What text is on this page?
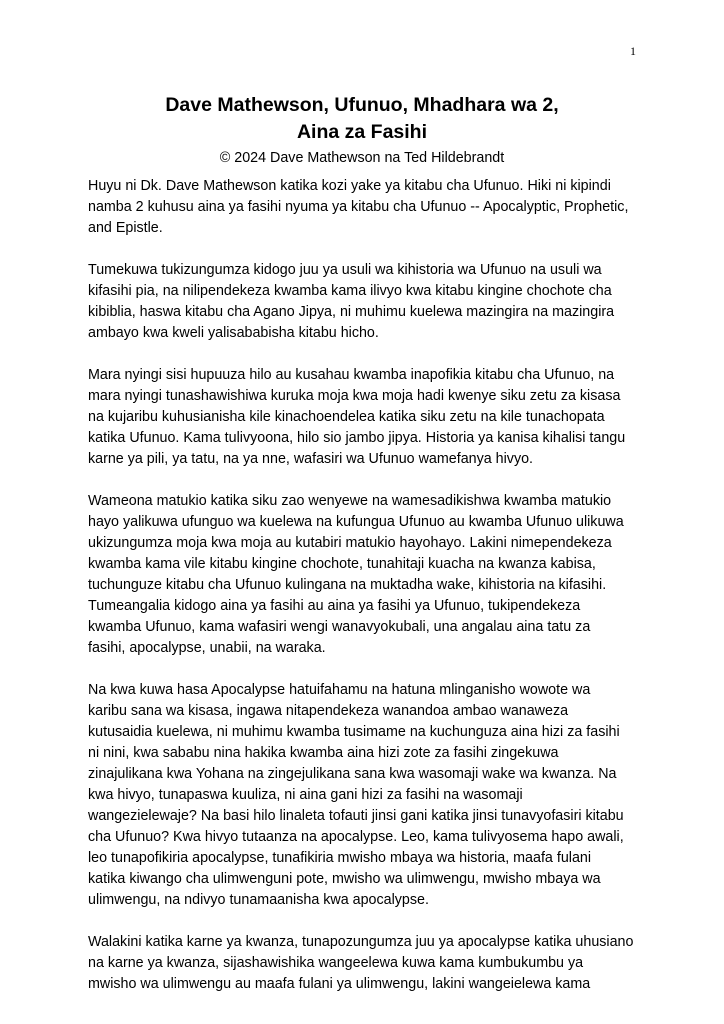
1
Dave Mathewson, Ufunuo, Mhadhara wa 2,
Aina za Fasihi
© 2024 Dave Mathewson na Ted Hildebrandt
Huyu ni Dk. Dave Mathewson katika kozi yake ya kitabu cha Ufunuo. Hiki ni kipindi
namba 2 kuhusu aina ya fasihi nyuma ya kitabu cha Ufunuo -- Apocalyptic, Prophetic,
and Epistle.
Tumekuwa tukizungumza kidogo juu ya usuli wa kihistoria wa Ufunuo na usuli wa
kifasihi pia, na nilipendekeza kwamba kama ilivyo kwa kitabu kingine chochote cha
kibiblia, haswa kitabu cha Agano Jipya, ni muhimu kuelewa mazingira na mazingira
ambayo kwa kweli yalisababisha kitabu hicho.
Mara nyingi sisi hupuuza hilo au kusahau kwamba inapofikia kitabu cha Ufunuo, na
mara nyingi tunashawishiwa kuruka moja kwa moja hadi kwenye siku zetu za kisasa
na kujaribu kuhusianisha kile kinachoendelea katika siku zetu na kile tunachopata
katika Ufunuo. Kama tulivyoona, hilo sio jambo jipya. Historia ya kanisa kihalisi tangu
karne ya pili, ya tatu, na ya nne, wafasiri wa Ufunuo wamefanya hivyo.
Wameona matukio katika siku zao wenyewe na wamesadikishwa kwamba matukio
hayo yalikuwa ufunguo wa kuelewa na kufungua Ufunuo au kwamba Ufunuo ulikuwa
ukizungumza moja kwa moja au kutabiri matukio hayohayo. Lakini nimependekeza
kwamba kama vile kitabu kingine chochote, tunahitaji kuacha na kwanza kabisa,
tuchunguze kitabu cha Ufunuo kulingana na muktadha wake, kihistoria na kifasihi.
Tumeangalia kidogo aina ya fasihi au aina ya fasihi ya Ufunuo, tukipendekeza
kwamba Ufunuo, kama wafasiri wengi wanavyokubali, una angalau aina tatu za
fasihi, apocalypse, unabii, na waraka.
Na kwa kuwa hasa Apocalypse hatuifahamu na hatuna mlinganisho wowote wa
karibu sana wa kisasa, ingawa nitapendekeza wanandoa ambao wanaweza
kutusaidia kuelewa, ni muhimu kwamba tusimame na kuchunguza aina hizi za fasihi
ni nini, kwa sababu nina hakika kwamba aina hizi zote za fasihi zingekuwa
zinajulikana kwa Yohana na zingejulikana sana kwa wasomaji wake wa kwanza. Na
kwa hivyo, tunapaswa kuuliza, ni aina gani hizi za fasihi na wasomaji
wangezielewaje? Na basi hilo linaleta tofauti jinsi gani katika jinsi tunavyofasiri kitabu
cha Ufunuo? Kwa hivyo tutaanza na apocalypse. Leo, kama tulivyosema hapo awali,
leo tunapofikiria apocalypse, tunafikiria mwisho mbaya wa historia, maafa fulani
katika kiwango cha ulimwenguni pote, mwisho wa ulimwengu, mwisho mbaya wa
ulimwengu, na ndivyo tunamaanisha kwa apocalypse.
Walakini katika karne ya kwanza, tunapozungumza juu ya apocalypse katika uhusiano
na karne ya kwanza, sijashawishika wangeelewa kuwa kama kumbukumbu ya
mwisho wa ulimwengu au maafa fulani ya ulimwengu, lakini wangeielewa kama
